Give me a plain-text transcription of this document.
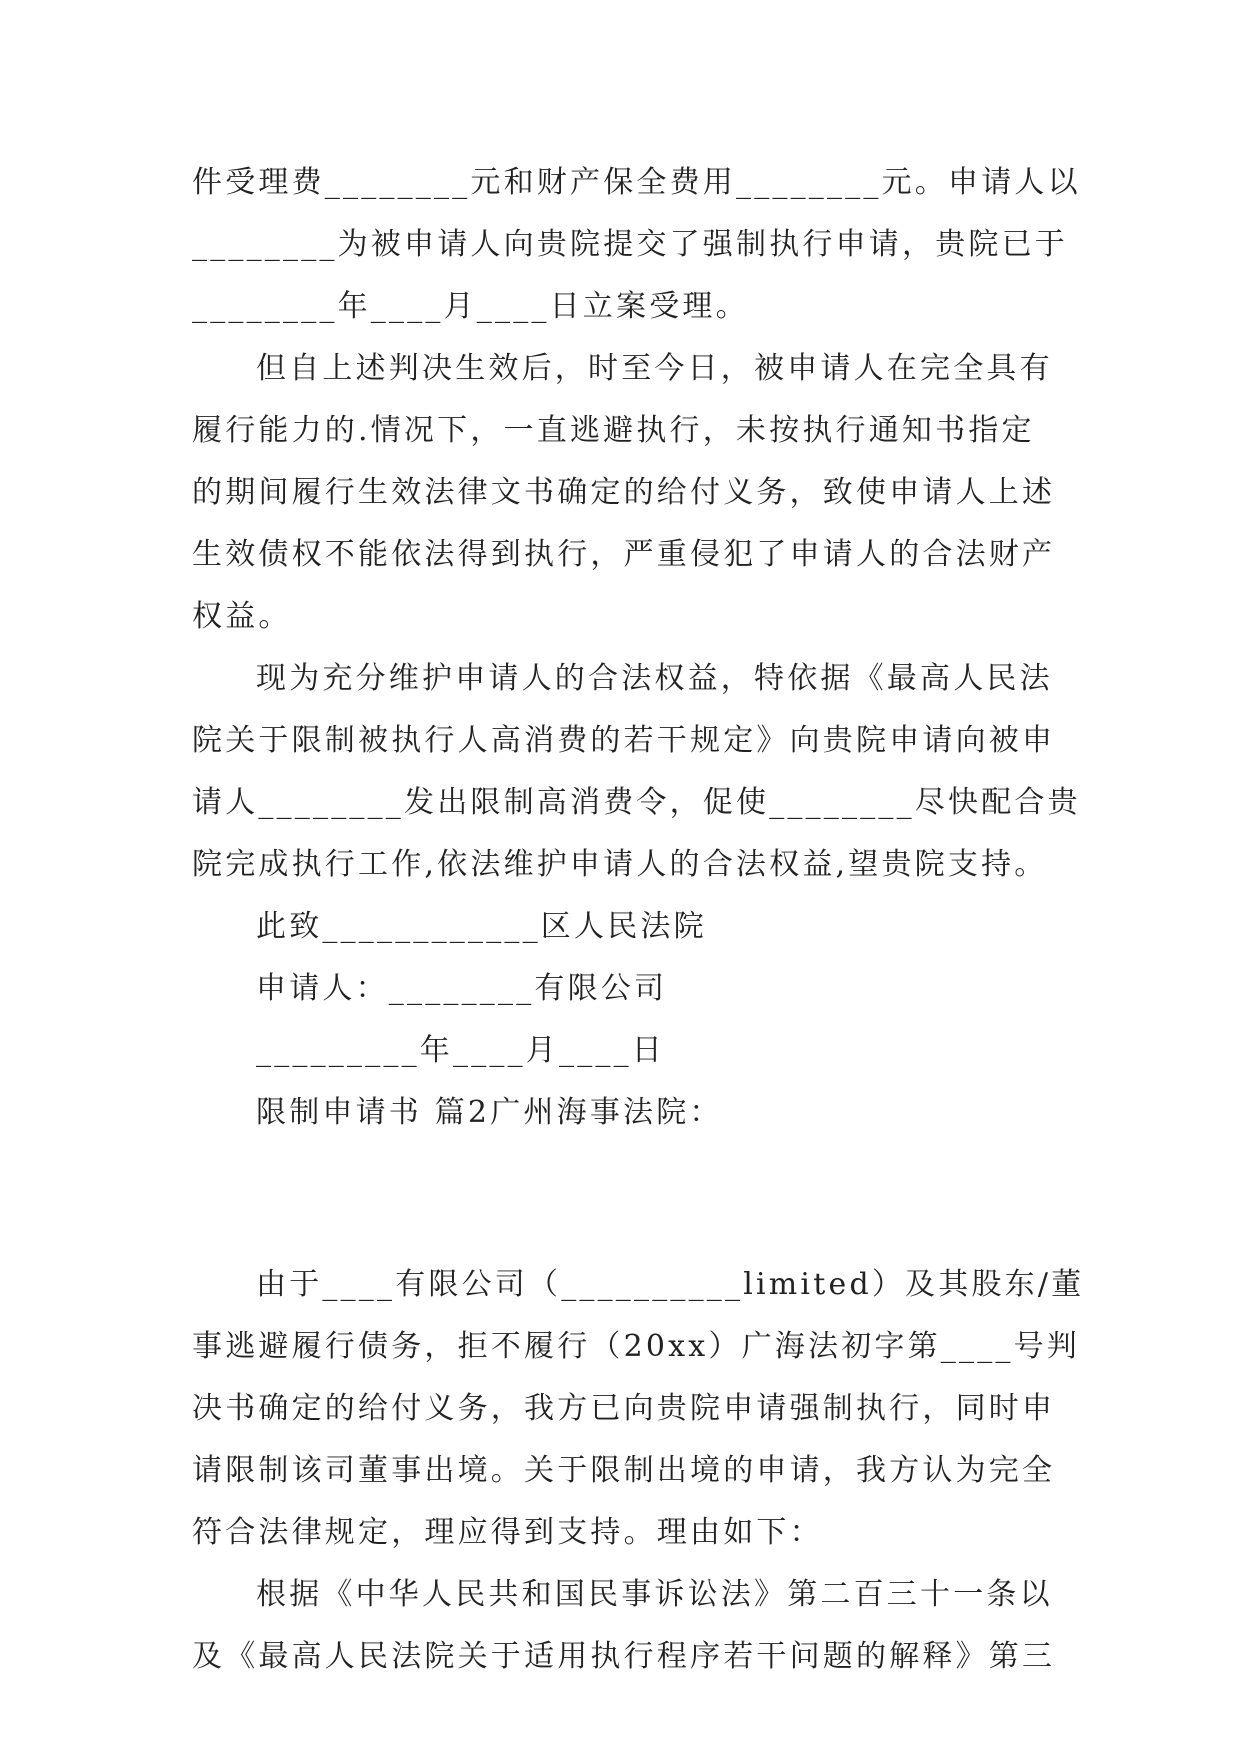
件受理费________元和财产保全费用________元。申请人以
________为被申请人向贵院提交了强制执行申请，贵院已于
________年____月____日立案受理。
但自上述判决生效后，时至今日，被申请人在完全具有
履行能力的.情况下，一直逃避执行，未按执行通知书指定
的期间履行生效法律文书确定的给付义务，致使申请人上述
生效债权不能依法得到执行，严重侵犯了申请人的合法财产
权益。
现为充分维护申请人的合法权益，特依据《最高人民法
院关于限制被执行人高消费的若干规定》向贵院申请向被申
请人________发出限制高消费令，促使________尽快配合贵
院完成执行工作,依法维护申请人的合法权益,望贵院支持。
此致____________区人民法院
申请人：________有限公司
_________年____月____日
限制申请书 篇2广州海事法院：
由于____有限公司（__________limited）及其股东/董
事逃避履行债务，拒不履行（20xx）广海法初字第____号判
决书确定的给付义务，我方已向贵院申请强制执行，同时申
请限制该司董事出境。关于限制出境的申请，我方认为完全
符合法律规定，理应得到支持。理由如下：
根据《中华人民共和国民事诉讼法》第二百三十一条以
及《最高人民法院关于适用执行程序若干问题的解释》第三
